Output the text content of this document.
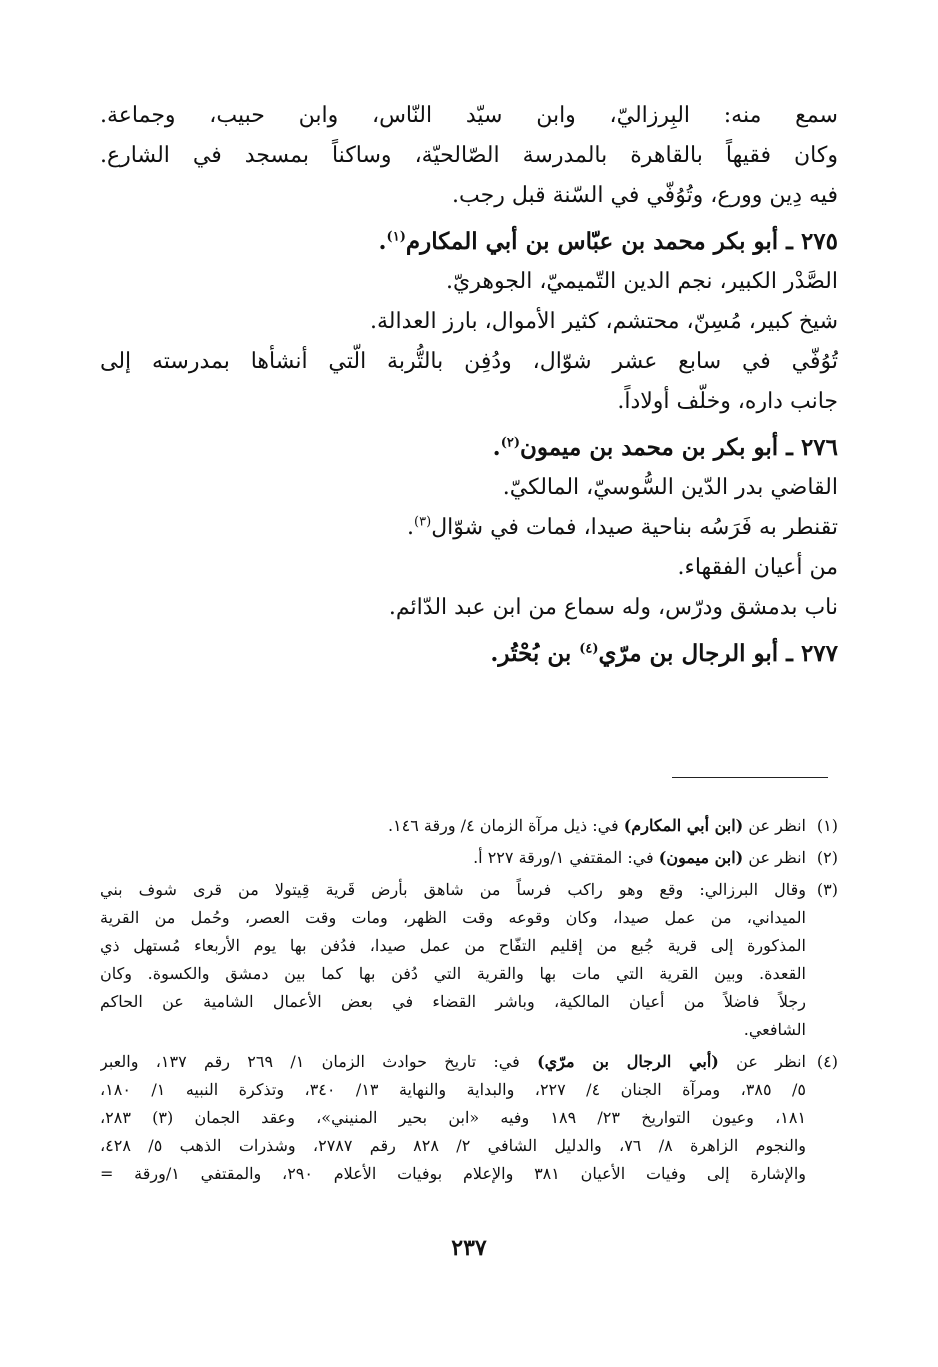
سمع منه: البِرزاليّ، وابن سيّد النّاس، وابن حبيب، وجماعة.
وكان فقيهاً بالقاهرة بالمدرسة الصّالحيّة، وساكناً بمسجد في الشارع.
فيه دِين وورع، وتُوُفّي في السّنة قبل رجب.
٢٧٥ ـ أبو بكر محمد بن عبّاس بن أبي المكارم$^{(١)}$.
الصَّدْر الكبير، نجم الدين التّميميّ، الجوهريّ.
شيخ كبير، مُسِنّ، محتشم، كثير الأموال، بارز العدالة.
تُوُفّي في سابع عشر شوّال، ودُفِن بالتُّربة الّتي أنشأها بمدرسته إلى
جانب داره، وخلّف أولاداً.
٢٧٦ ـ أبو بكر بن محمد بن ميمون$^{(٢)}$.
القاضي بدر الدّين السُّوسيّ، المالكيّ.
تقنطر به فَرَسُه بناحية صيدا، فمات في شوّال$^{(٣)}$.
من أعيان الفقهاء.
ناب بدمشق ودرّس، وله سماع من ابن عبد الدّائم.
٢٧٧ ـ أبو الرجال بن مرّي$^{(٤)}$ بن بُحْتُر.
(١)
انظر عن (ابن أبي المكارم) في: ذيل مرآة الزمان ٤/ ورقة ١٤٦.
(٢)
انظر عن (ابن ميمون) في: المقتفي ١/ورقة ٢٢٧ أ.
(٣)
وقال البرزالي: وقع وهو راكب فرساً من شاهق بأرض قَرية قِيتولا من قرى شوف بني
الميداني، من عمل صيدا، وكان وقوعه وقت الظهر، ومات وقت العصر، وحُمل من القرية
المذكورة إلى قرية جُبع من إقليم التفّاح من عمل صيدا، فدُفن بها يوم الأربعاء مُستهل ذي
القعدة. وبين القرية التي مات بها والقرية التي دُفن بها كما بين دمشق والكسوة. وكان
رجلاً فاضلاً من أعيان المالكية، وباشر القضاء في بعض الأعمال الشامية عن الحاكم
الشافعي.
(٤)
انظر عن (أبي الرجال بن مرّي) في: تاريخ حوادث الزمان ١/ ٢٦٩ رقم ١٣٧، والعبر
٥/ ٣٨٥، ومرآة الجنان ٤/ ٢٢٧، والبداية والنهاية ١٣/ ٣٤٠، وتذكرة النبيه ١/ ١٨٠،
١٨١، وعيون التواريخ ٢٣/ ١٨٩ وفيه «ابن بحير المنيني»، وعقد الجمان (٣) ٢٨٣،
والنجوم الزاهرة ٨/ ٧٦، والدليل الشافي ٢/ ٨٢٨ رقم ٢٧٨٧، وشذرات الذهب ٥/ ٤٢٨،
والإشارة إلى وفيات الأعيان ٣٨١ والإعلام بوفيات الأعلام ٢٩٠، والمقتفي ١/ورقة =
٢٣٧
